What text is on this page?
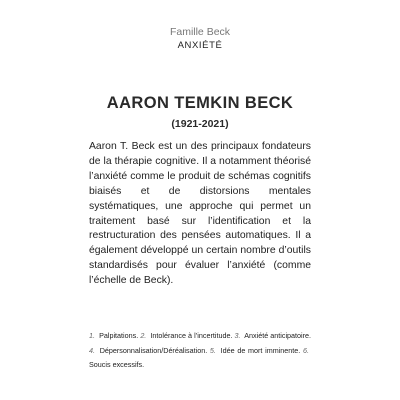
Famille Beck
ANXIÉTÉ
AARON TEMKIN BECK
(1921-2021)

Aaron T. Beck est un des principaux fondateurs de la thérapie cognitive. Il a notamment théorisé l’anxiété comme le produit de schémas cognitifs biaisés et de distorsions mentales systématiques, une approche qui permet un traitement basé sur l’identification et la restructuration des pensées automatiques. Il a également développé un certain nombre d’outils standardisés pour évaluer l’anxiété (comme l’échelle de Beck).

1. Palpitations. 2. Intolérance à l’incertitude. 3. Anxiété anticipatoire. 4. Dépersonnalisation/Déréalisation. 5. Idée de mort imminente. 6. Soucis excessifs.
